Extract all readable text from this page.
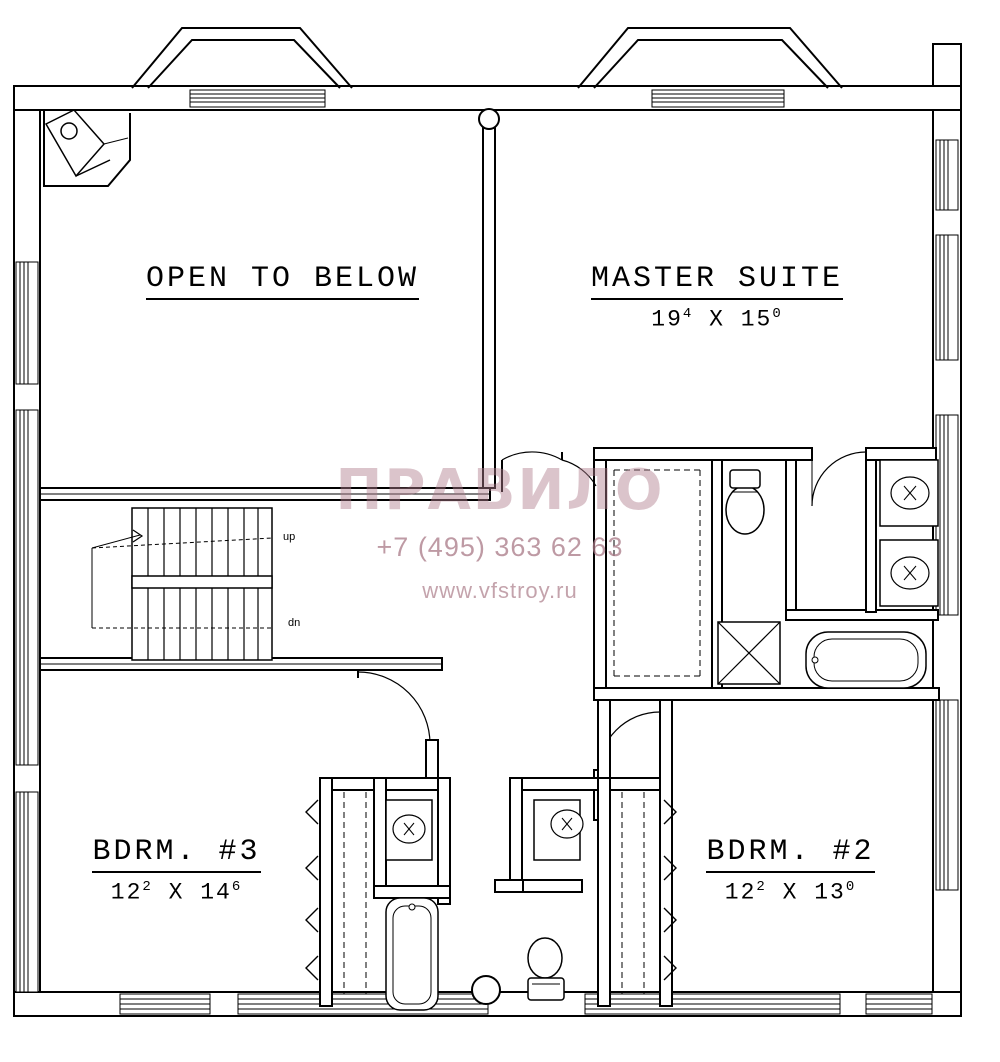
OPEN TO BELOW	MASTER SUITE
$19^4$ X $15^0$
BDRM. #3
$12^2$ X $14^6$
BDRM. #2
$12^2$ X $13^0$
up
dn
ПРАВИЛО
+7 (495) 363 62 63
www.vfstroy.ru
